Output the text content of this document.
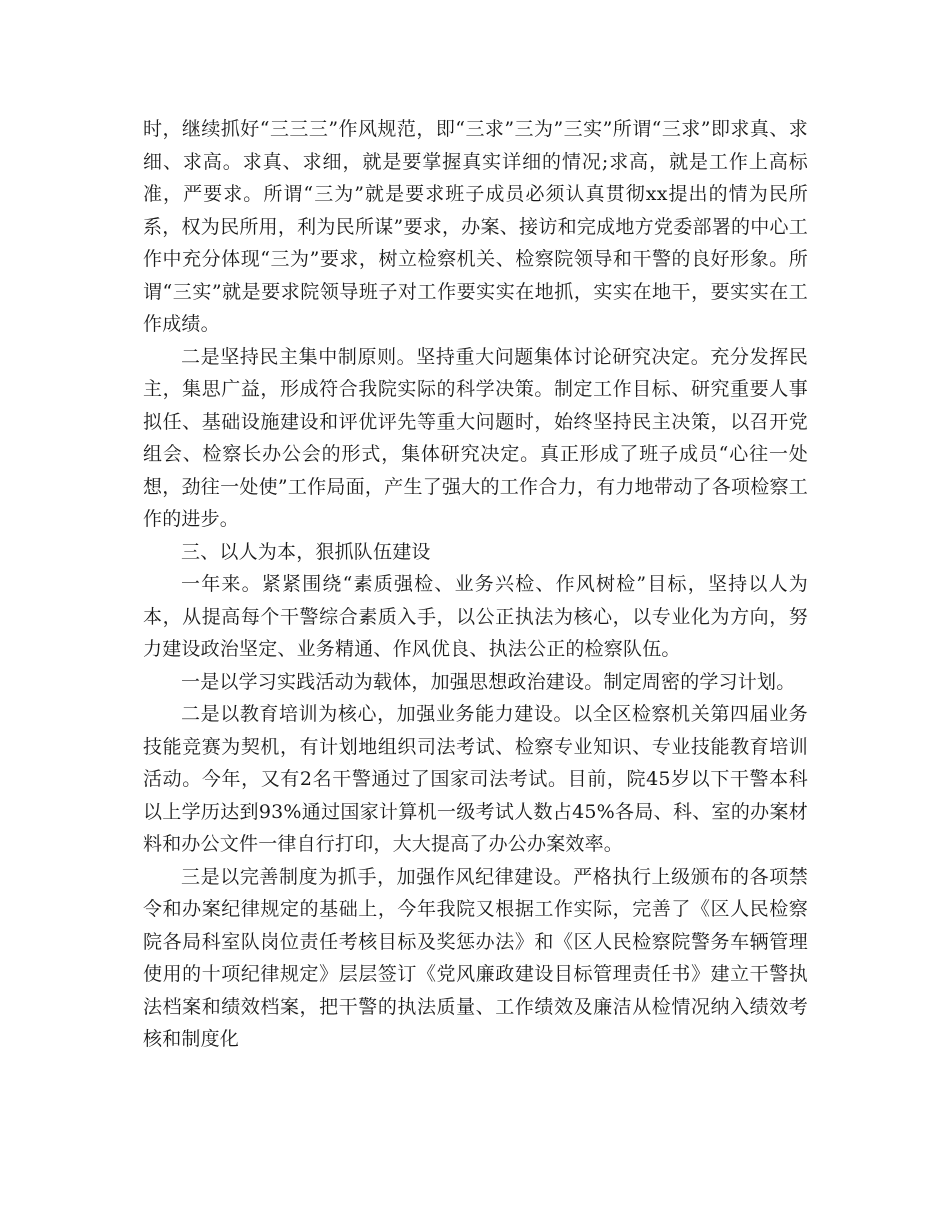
时，继续抓好“三三三”作风规范，即“三求”三为”三实”所谓“三求”即求真、求细、求高。求真、求细，就是要掌握真实详细的情况;求高，就是工作上高标准，严要求。所谓“三为”就是要求班子成员必须认真贯彻xx提出的情为民所系，权为民所用，利为民所谋”要求，办案、接访和完成地方党委部署的中心工作中充分体现“三为”要求，树立检察机关、检察院领导和干警的良好形象。所谓“三实”就是要求院领导班子对工作要实实在地抓，实实在地干，要实实在工作成绩。

二是坚持民主集中制原则。坚持重大问题集体讨论研究决定。充分发挥民主，集思广益，形成符合我院实际的科学决策。制定工作目标、研究重要人事拟任、基础设施建设和评优评先等重大问题时，始终坚持民主决策，以召开党组会、检察长办公会的形式，集体研究决定。真正形成了班子成员“心往一处想，劲往一处使”工作局面，产生了强大的工作合力，有力地带动了各项检察工作的进步。

三、以人为本，狠抓队伍建设

一年来。紧紧围绕“素质强检、业务兴检、作风树检”目标，坚持以人为本，从提高每个干警综合素质入手，以公正执法为核心，以专业化为方向，努力建设政治坚定、业务精通、作风优良、执法公正的检察队伍。

一是以学习实践活动为载体，加强思想政治建设。制定周密的学习计划。

二是以教育培训为核心，加强业务能力建设。以全区检察机关第四届业务技能竞赛为契机，有计划地组织司法考试、检察专业知识、专业技能教育培训活动。今年，又有2名干警通过了国家司法考试。目前，院45岁以下干警本科以上学历达到93%通过国家计算机一级考试人数占45%各局、科、室的办案材料和办公文件一律自行打印，大大提高了办公办案效率。

三是以完善制度为抓手，加强作风纪律建设。严格执行上级颁布的各项禁令和办案纪律规定的基础上，今年我院又根据工作实际，完善了《区人民检察院各局科室队岗位责任考核目标及奖惩办法》和《区人民检察院警务车辆管理使用的十项纪律规定》层层签订《党风廉政建设目标管理责任书》建立干警执法档案和绩效档案，把干警的执法质量、工作绩效及廉洁从检情况纳入绩效考核和制度化
